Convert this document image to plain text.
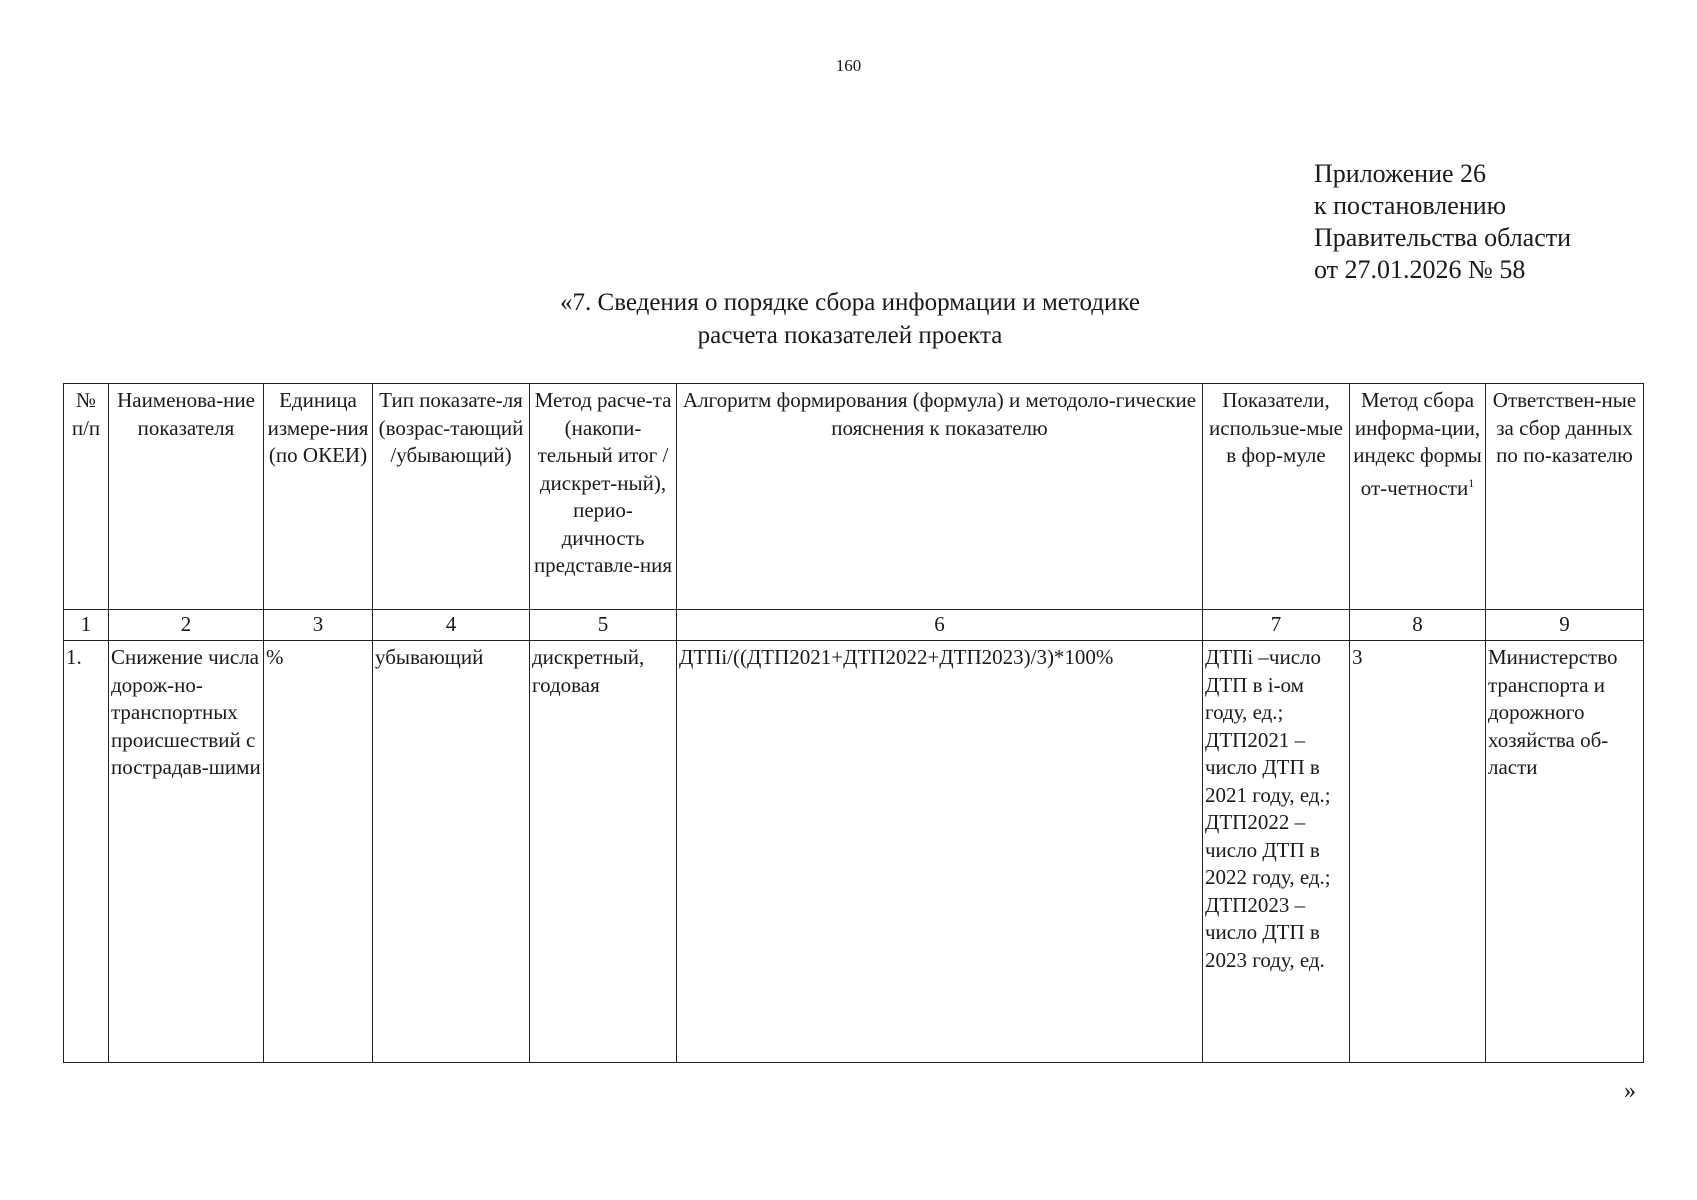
160
Приложение 26
к постановлению
Правительства области
от 27.01.2026 № 58
«7. Сведения о порядке сбора информации и методике
расчета показателей проекта
№ п/п	Наименова-ние показателя	Единица измере-ния (по ОКЕИ)	Тип показате-ля (возрас-тающий /убывающий)	Метод расче-та (накопи-тельный итог / дискрет-ный), перио-дичность представле-ния	Алгоритм формирования (формула) и методоло-гические пояснения к показателю	Показатели, использue-мые в фор-муле	Метод сбора информа-ции, индекс формы от-четности$^1$	Ответствен-ные за сбор данных по по-казателю
1	2	3	4	5	6	7	8	9
1.	Снижение числа дорож-но-транспортных происшествий с пострадав-шими	%	убывающий	дискретный, годовая	ДТПi/((ДТП2021+ДТП2022+ДТП2023)/3)*100%	ДТПi –число ДТП в i-ом году, ед.;
ДТП2021 – число ДТП в 2021 году, ед.;
ДТП2022 – число ДТП в 2022 году, ед.;
ДТП2023 – число ДТП в 2023 году, ед.	3	Министерство транспорта и дорожного хозяйства об-ласти
»
